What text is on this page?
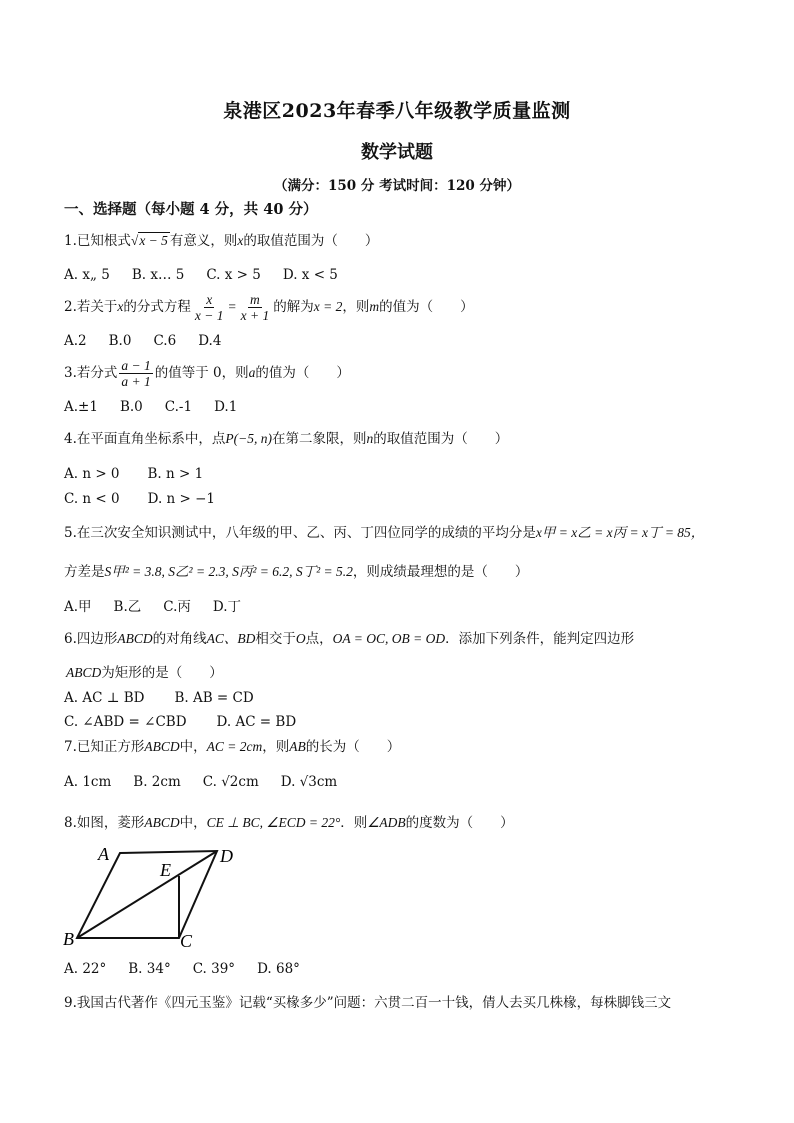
泉港区2023年春季八年级教学质量监测
数学试题
（满分：150 分 考试时间：120 分钟）
一、选择题（每小题 4 分，共 40 分）
1.已知根式√x − 5 有意义，则x的取值范围为（　　）
A. x„ 5 B. x… 5 C. x > 5 D. x < 5
2.若关于x的分式方程 $\frac{x}{x - 1} = \frac{m}{x + 1}$ 的解为x = 2，则m的值为（　　）
A.2 B.0 C.6 D.4
3.若分式 $\frac{a - 1}{a + 1}$ 的值等于 0，则a的值为（　　）
A.±1 B.0 C.-1 D.1
4.在平面直角坐标系中，点P(−5, n)在第二象限，则n的取值范围为（　　）
A. n > 0 B. n > 1
C. n < 0 D. n > −1
5.在三次安全知识测试中，八年级的甲、乙、丙、丁四位同学的成绩的平均分是x甲 = x乙 = x丙 = x丁 = 85，
方差是S甲² = 3.8, S乙² = 2.3, S丙² = 6.2, S丁² = 5.2，则成绩最理想的是（　　）
A.甲 B.乙 C.丙 D.丁
6.四边形ABCD的对角线AC、BD相交于O点，OA = OC, OB = OD．添加下列条件，能判定四边形
ABCD为矩形的是（　　）
A. AC ⊥ BD B. AB = CD
C. ∠ABD = ∠CBD D. AC = BD
7.已知正方形ABCD中，AC = 2cm，则AB的长为（　　）
A. 1cm B. 2cm C. √2cm D. √3cm
8.如图，菱形ABCD中，CE ⊥ BC, ∠ECD = 22°．则∠ADB的度数为（　　）
A	D
E
B	C
A. 22° B. 34° C. 39° D. 68°
9.我国古代著作《四元玉鉴》记载“买椽多少”问题：六贯二百一十钱，倩人去买几株椽，每株脚钱三文
